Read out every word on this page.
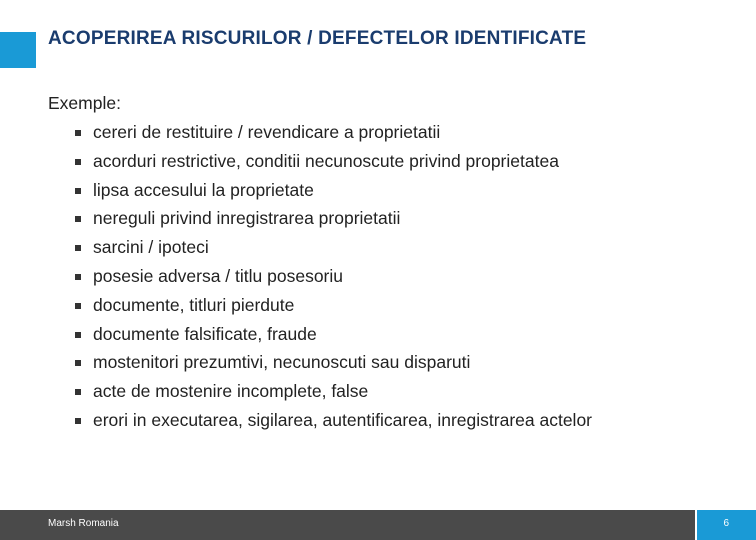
ACOPERIREA RISCURILOR / DEFECTELOR IDENTIFICATE

Exemple:

cereri de restituire / revendicare a proprietatii
acorduri restrictive, conditii necunoscute privind proprietatea
lipsa accesului la proprietate
nereguli privind inregistrarea proprietatii
sarcini / ipoteci
posesie adversa / titlu posesoriu
documente, titluri pierdute
documente falsificate, fraude
mostenitori prezumtivi, necunoscuti sau disparuti
acte de mostenire incomplete, false
erori in executarea, sigilarea, autentificarea, inregistrarea actelor
Marsh Romania	6
